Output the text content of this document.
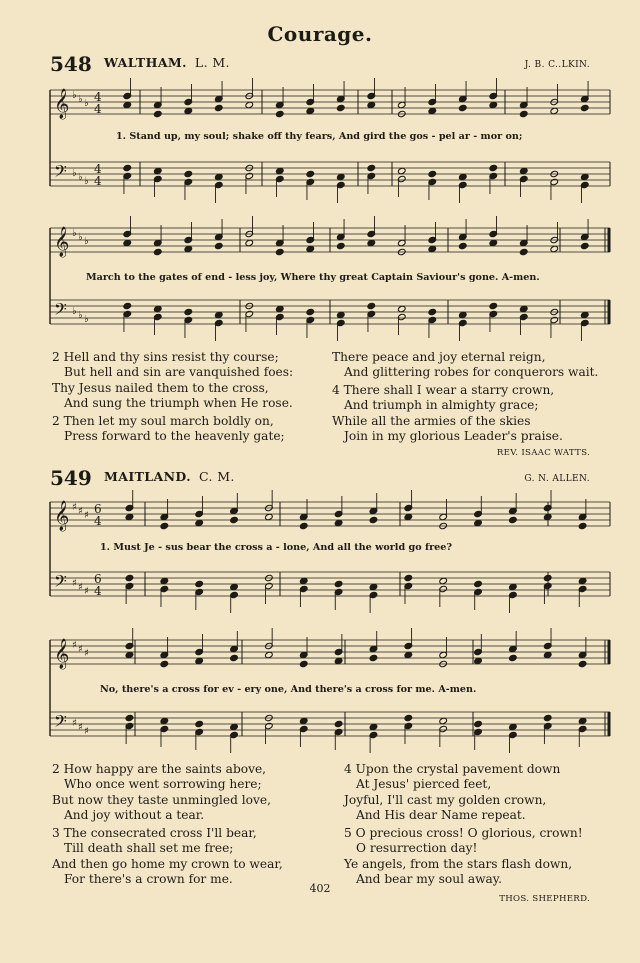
Courage.
548 WALTHAM. L. M.	J. B. C..LKIN.
1. Stand up, my soul; shake off thy fears, And gird the gos - pel ar - mor on;
March to the gates of end - less joy, Where thy great Captain Saviour's gone. A-men.
2 Hell and thy sins resist thy course;
But hell and sin are vanquished foes:
Thy Jesus nailed them to the cross,
And sung the triumph when He rose.
2 Then let my soul march boldly on,
Press forward to the heavenly gate;
There peace and joy eternal reign,
And glittering robes for conquerors wait.
4 There shall I wear a starry crown,
And triumph in almighty grace;
While all the armies of the skies
Join in my glorious Leader's praise.
REV. ISAAC WATTS.
549 MAITLAND. C. M.	G. N. ALLEN.
1. Must Je - sus bear the cross a - lone, And all the world go free?
No, there's a cross for ev - ery one, And there's a cross for me. A-men.
2 How happy are the saints above,
Who once went sorrowing here;
But now they taste unmingled love,
And joy without a tear.
3 The consecrated cross I'll bear,
Till death shall set me free;
And then go home my crown to wear,
For there's a crown for me.
4 Upon the crystal pavement down
At Jesus' pierced feet,
Joyful, I'll cast my golden crown,
And His dear Name repeat.
5 O precious cross! O glorious, crown!
O resurrection day!
Ye angels, from the stars flash down,
And bear my soul away.
THOS. SHEPHERD.
402
𝄞
𝄢
♭
♭
♭
♭
♭
♭
4
4
4
4
𝄞
𝄢
♭
♭
♭
♭
♭
♭
𝄞
𝄢
♯
♯
♯
♯
♯
♯
6
4
6
4
𝄞
𝄢
♯
♯
♯
♯
♯
♯
